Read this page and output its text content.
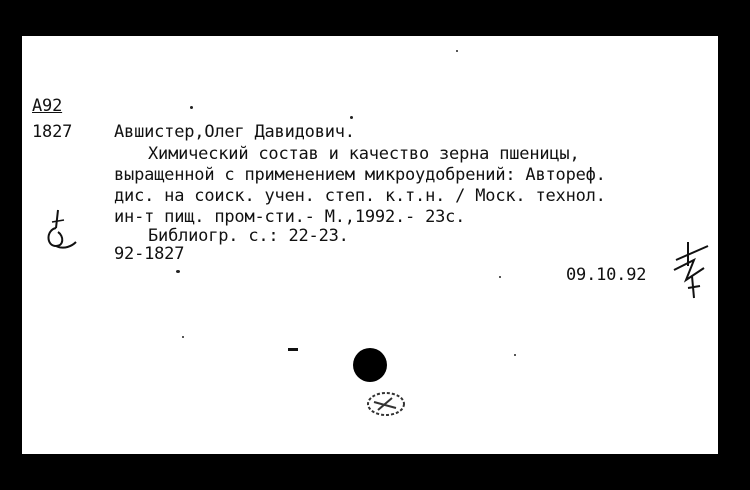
A92
1827 Авшистер,Олег Давидович.
Химический состав и качество зерна пшеницы,
выращенной с применением микроудобрений: Автореф.
дис. на соиск. учен. степ. к.т.н. / Моск. технол.
ин-т пищ. пром-сти.- М.,1992.- 23с.
Библиогр. с.: 22-23.
92-1827
09.10.92
